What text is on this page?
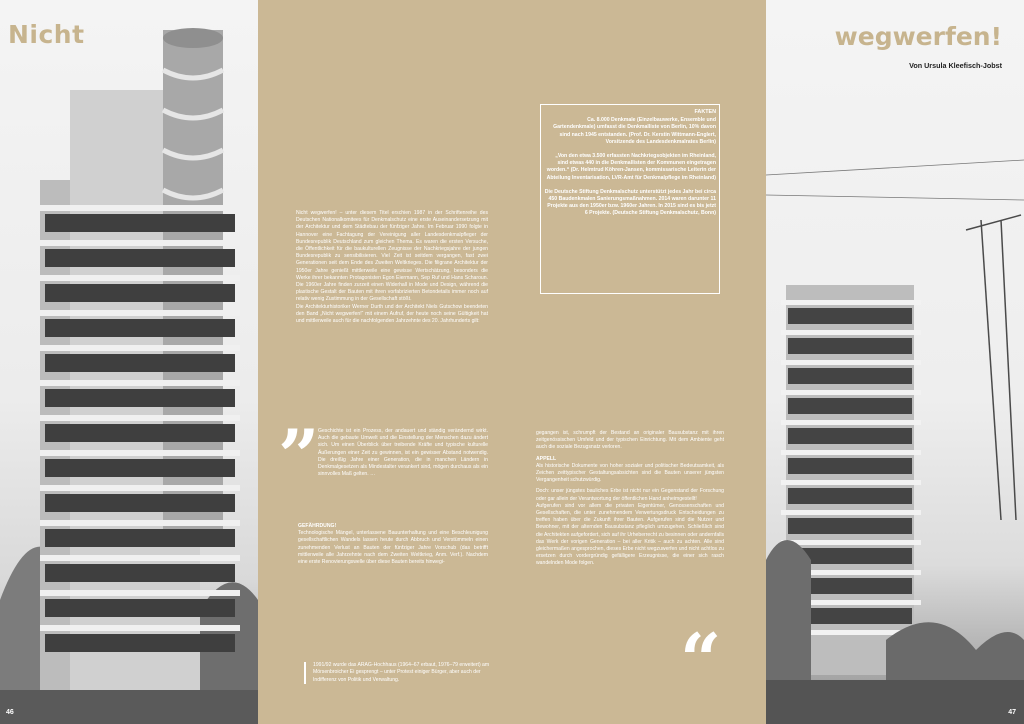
Nicht	wegwerfen!
Von Ursula Kleefisch-Jobst
FAKTEN

Ca. 8.000 Denkmale (Einzelbauwerke, Ensemble und Gartendenkmale) umfasst die Denkmalliste von Berlin, 10% davon sind nach 1945 entstanden. (Prof. Dr. Kerstin Wittmann-Englert, Vorsitzende des Landesdenkmalrates Berlin)

„Von den etwa 3.500 erfassten Nachkriegsobjekten im Rheinland, sind etwas 440 in die Denkmallisten der Kommunen eingetragen worden.“ (Dr. Helmtrud Köhren-Jansen, kommissarische Leiterin der Abteilung Inventarisation, LVR-Amt für Denkmalpflege im Rheinland)

Die Deutsche Stiftung Denkmalschutz unterstützt jedes Jahr bei circa 450 Baudenkmalen Sanierungsmaßnahmen. 2014 waren darunter 11 Projekte aus den 1950er bzw. 1960er Jahren. In 2015 sind es bis jetzt 6 Projekte. (Deutsche Stiftung Denkmalschutz, Bonn)

Nicht wegwerfen! – unter diesem Titel erschien 1987 in der Schriftenreihe des Deutschen Nationalkomitees für Denkmalschutz eine erste Auseinandersetzung mit der Architektur und dem Städtebau der fünfziger Jahre. Im Februar 1990 folgte in Hannover eine Fachtagung der Vereinigung aller Landesdenkmalpfleger der Bundesrepublik Deutschland zum gleichen Thema. Es waren die ersten Versuche, die Öffentlichkeit für die baukulturellen Zeugnisse der Nachkriegsjahre der jungen Bundesrepublik zu sensibilisieren. Viel Zeit ist seitdem vergangen, fast zwei Generationen seit dem Ende des Zweiten Weltkrieges. Die filigrane Architektur der 1950er Jahre genießt mittlerweile eine gewisse Wertschätzung, besonders die Werke ihrer bekannten Protagonisten Egon Eiermann, Sep Ruf und Hans Scharoun. Die 1960er Jahre finden zurzeit einen Widerhall in Mode und Design, während die plastische Gestalt der Bauten mit ihren vorfabrizierten Betondetails immer noch auf relativ wenig Zustimmung in der Gesellschaft stößt.

Die Architekturhistoriker Werner Durth und der Architekt Niels Gutschow beendeten den Band „Nicht wegwerfen!“ mit einem Aufruf, der heute noch seine Gültigkeit hat und mittlerweile auch für die nachfolgenden Jahrzehnte des 20. Jahrhunderts gilt:

”

Geschichte ist ein Prozess, der andauert und ständig verändernd wirkt. Auch die gebaute Umwelt und die Einstellung der Menschen dazu ändert sich. Um einen Überblick über treibende Kräfte und typische kulturelle Äußerungen einer Zeit zu gewinnen, ist ein gewisser Abstand notwendig. Die dreißig Jahre einer Generation, die in manchen Ländern in Denkmalgesetzen als Mindestalter verankert sind, mögen durchaus als ein sinnvolles Maß gelten. …

GEFÄHRDUNG!

Technologische Mängel, unterlassene Bauunterhaltung und eine Beschleunigung gesellschaftlichen Wandels lassen heute durch Abbruch und Verstümmeln einen zunehmenden Verlust an Bauten der fünfziger Jahre Vorschub (das betrifft mittlerweile alle Jahrzehnte nach dem Zweiten Weltkrieg, Anm. Verf.). Nachdem eine erste Renovierungswelle über diese Bauten bereits hinwegi-

gegangen ist, schrumpft der Bestand an originaler Bausubstanz mit ihren zeitgenössischen Umfeld und der typischen Einrichtung. Mit dem Ambiente geht auch die soziale Bezugsnatz verloren.

APPELL

Als historische Dokumente von hoher sozialer und politischer Bedeutsamkeit, als Zeichen zeittypischer Gestaltungsabsichten sind die Bauten unserer jüngsten Vergangenheit schutzwürdig.

Doch: unser jüngstes bauliches Erbe ist nicht nur ein Gegenstand der Forschung oder gar allein der Verantwortung der öffentlichen Hand anheimgestellt!

Aufgerufen sind vor allem die privaten Eigentümer, Genossenschaften und Gesellschaften, die unter zunehmendem Verwertungsdruck Entscheidungen zu treffen haben über die Zukunft ihrer Bauten. Aufgerufen sind die Nutzer und Bewohner, mit der alternden Bausubstanz pfleglich umzugehen. Schließlich sind die Architekten aufgefordert, sich auf ihr Urheberrecht zu besinnen oder andernfalls das Werk der vorigen Generation – bei aller Kritik – auch zu achten. Alle sind gleichermaßen angesprochen, dieses Erbe nicht wegzuwerfen und nicht achtlos zu ersetzen durch vordergründig gefälligere Erzeugnisse, die einer sich rasch wandelnden Mode folgen.

“
1991/92 wurde das ARAG-Hochhaus (1964–67 erbaut, 1976–79 erweitert) am Mörsenbroicher Ei gesprengt – unter Protest einiger Bürger, aber auch der Indifferenz von Politik und Verwaltung.
46	47
